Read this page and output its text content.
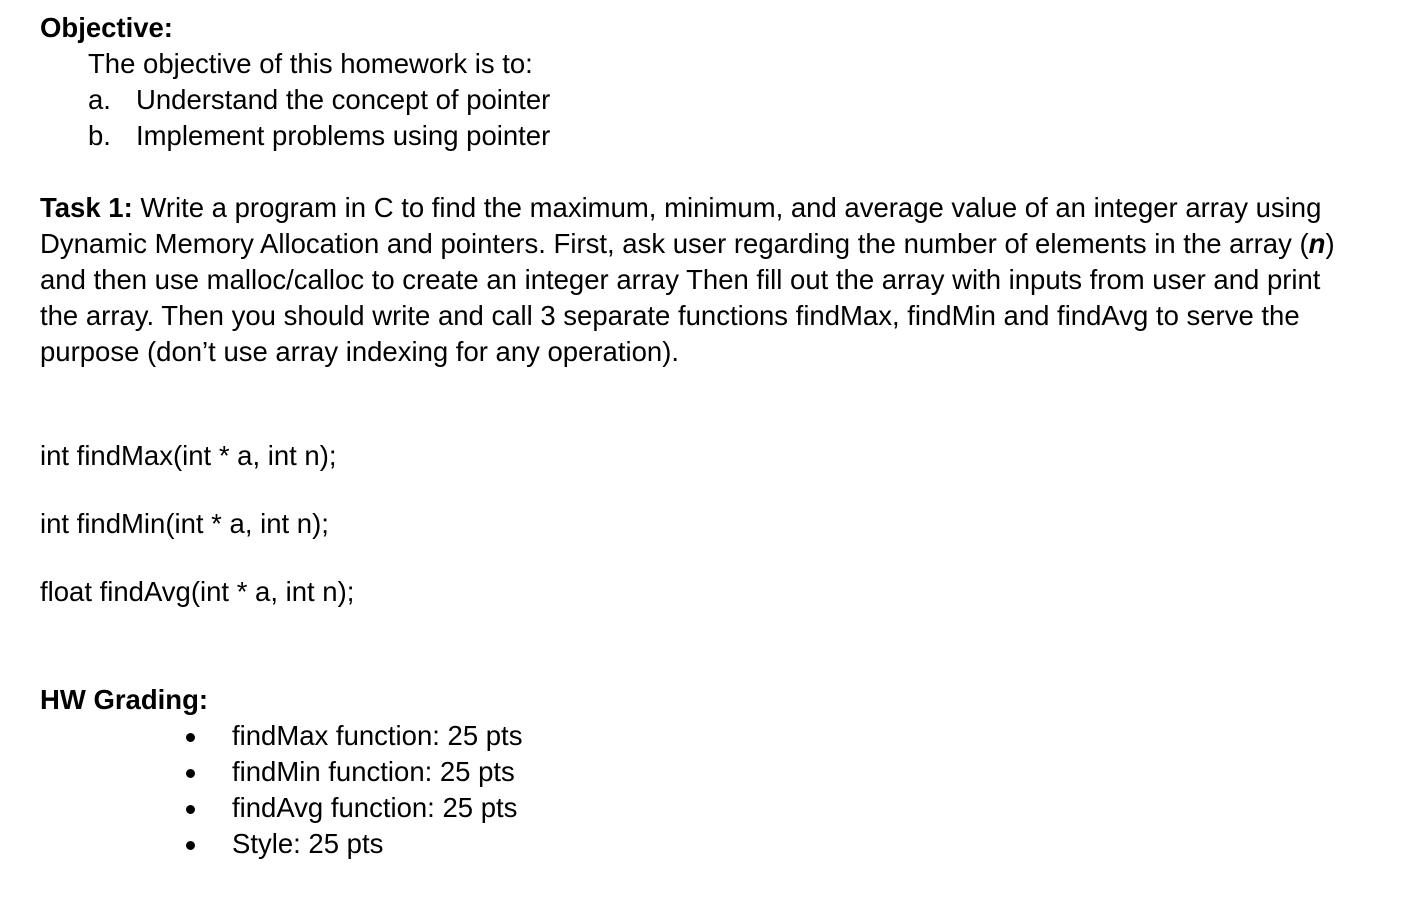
Objective:

The objective of this homework is to:

a. Understand the concept of pointer
b. Implement problems using pointer

Task 1: Write a program in C to find the maximum, minimum, and average value of an integer array using Dynamic Memory Allocation and pointers. First, ask user regarding the number of elements in the array (n) and then use malloc/calloc to create an integer array Then fill out the array with inputs from user and print the array. Then you should write and call 3 separate functions findMax, findMin and findAvg to serve the purpose (don’t use array indexing for any operation).

int findMax(int * a, int n);

int findMin(int * a, int n);

float findAvg(int * a, int n);

HW Grading:

findMax function: 25 pts
findMin function: 25 pts
findAvg function: 25 pts
Style: 25 pts
